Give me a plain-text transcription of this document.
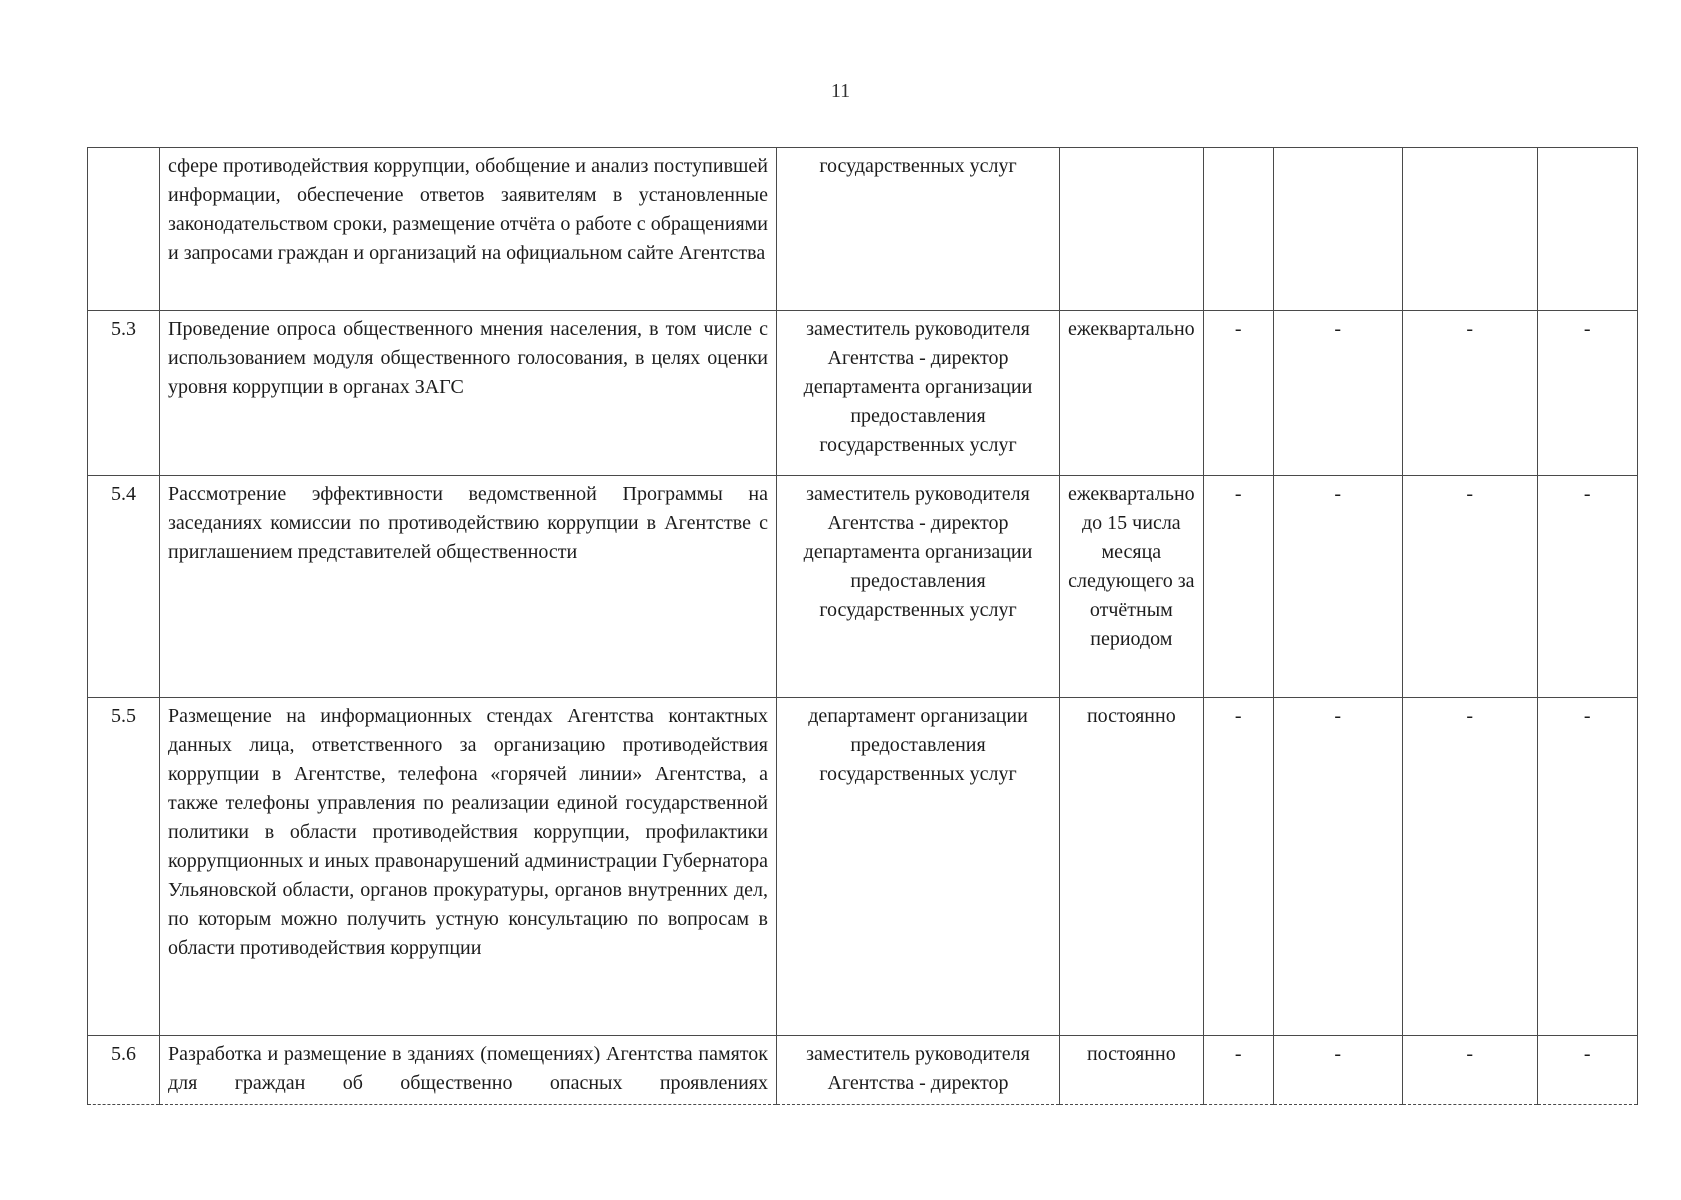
11
	сфере противодействия коррупции, обобщение и анализ поступившей информации, обеспечение ответов заявителям в установленные законодательством сроки, размещение отчёта о работе с обращениями и запросами граждан и организаций на официальном сайте Агентства	государственных услуг					
5.3	Проведение опроса общественного мнения населения, в том числе с использованием модуля общественного голосования, в целях оценки уровня коррупции в органах ЗАГС	заместитель руководителя Агентства - директор департамента организации предоставления государственных услуг	ежеквартально	-	-	-	-
5.4	Рассмотрение эффективности ведомственной Программы на заседаниях комиссии по противодействию коррупции в Агентстве с приглашением представителей общественности	заместитель руководителя Агентства - директор департамента организации предоставления государственных услуг	ежеквартально до 15 числа месяца следующего за отчётным периодом	-	-	-	-
5.5	Размещение на информационных стендах Агентства контактных данных лица, ответственного за организацию противодействия коррупции в Агентстве, телефона «горячей линии» Агентства, а также телефоны управления по реализации единой государственной политики в области противодействия коррупции, профилактики коррупционных и иных правонарушений администрации Губернатора Ульяновской области, органов прокуратуры, органов внутренних дел, по которым можно получить устную консультацию по вопросам в области противодействия коррупции	департамент организации предоставления государственных услуг	постоянно	-	-	-	-
5.6	Разработка и размещение в зданиях (помещениях) Агентства памяток для граждан об общественно опасных проявлениях	заместитель руководителя Агентства - директор	постоянно	-	-	-	-
